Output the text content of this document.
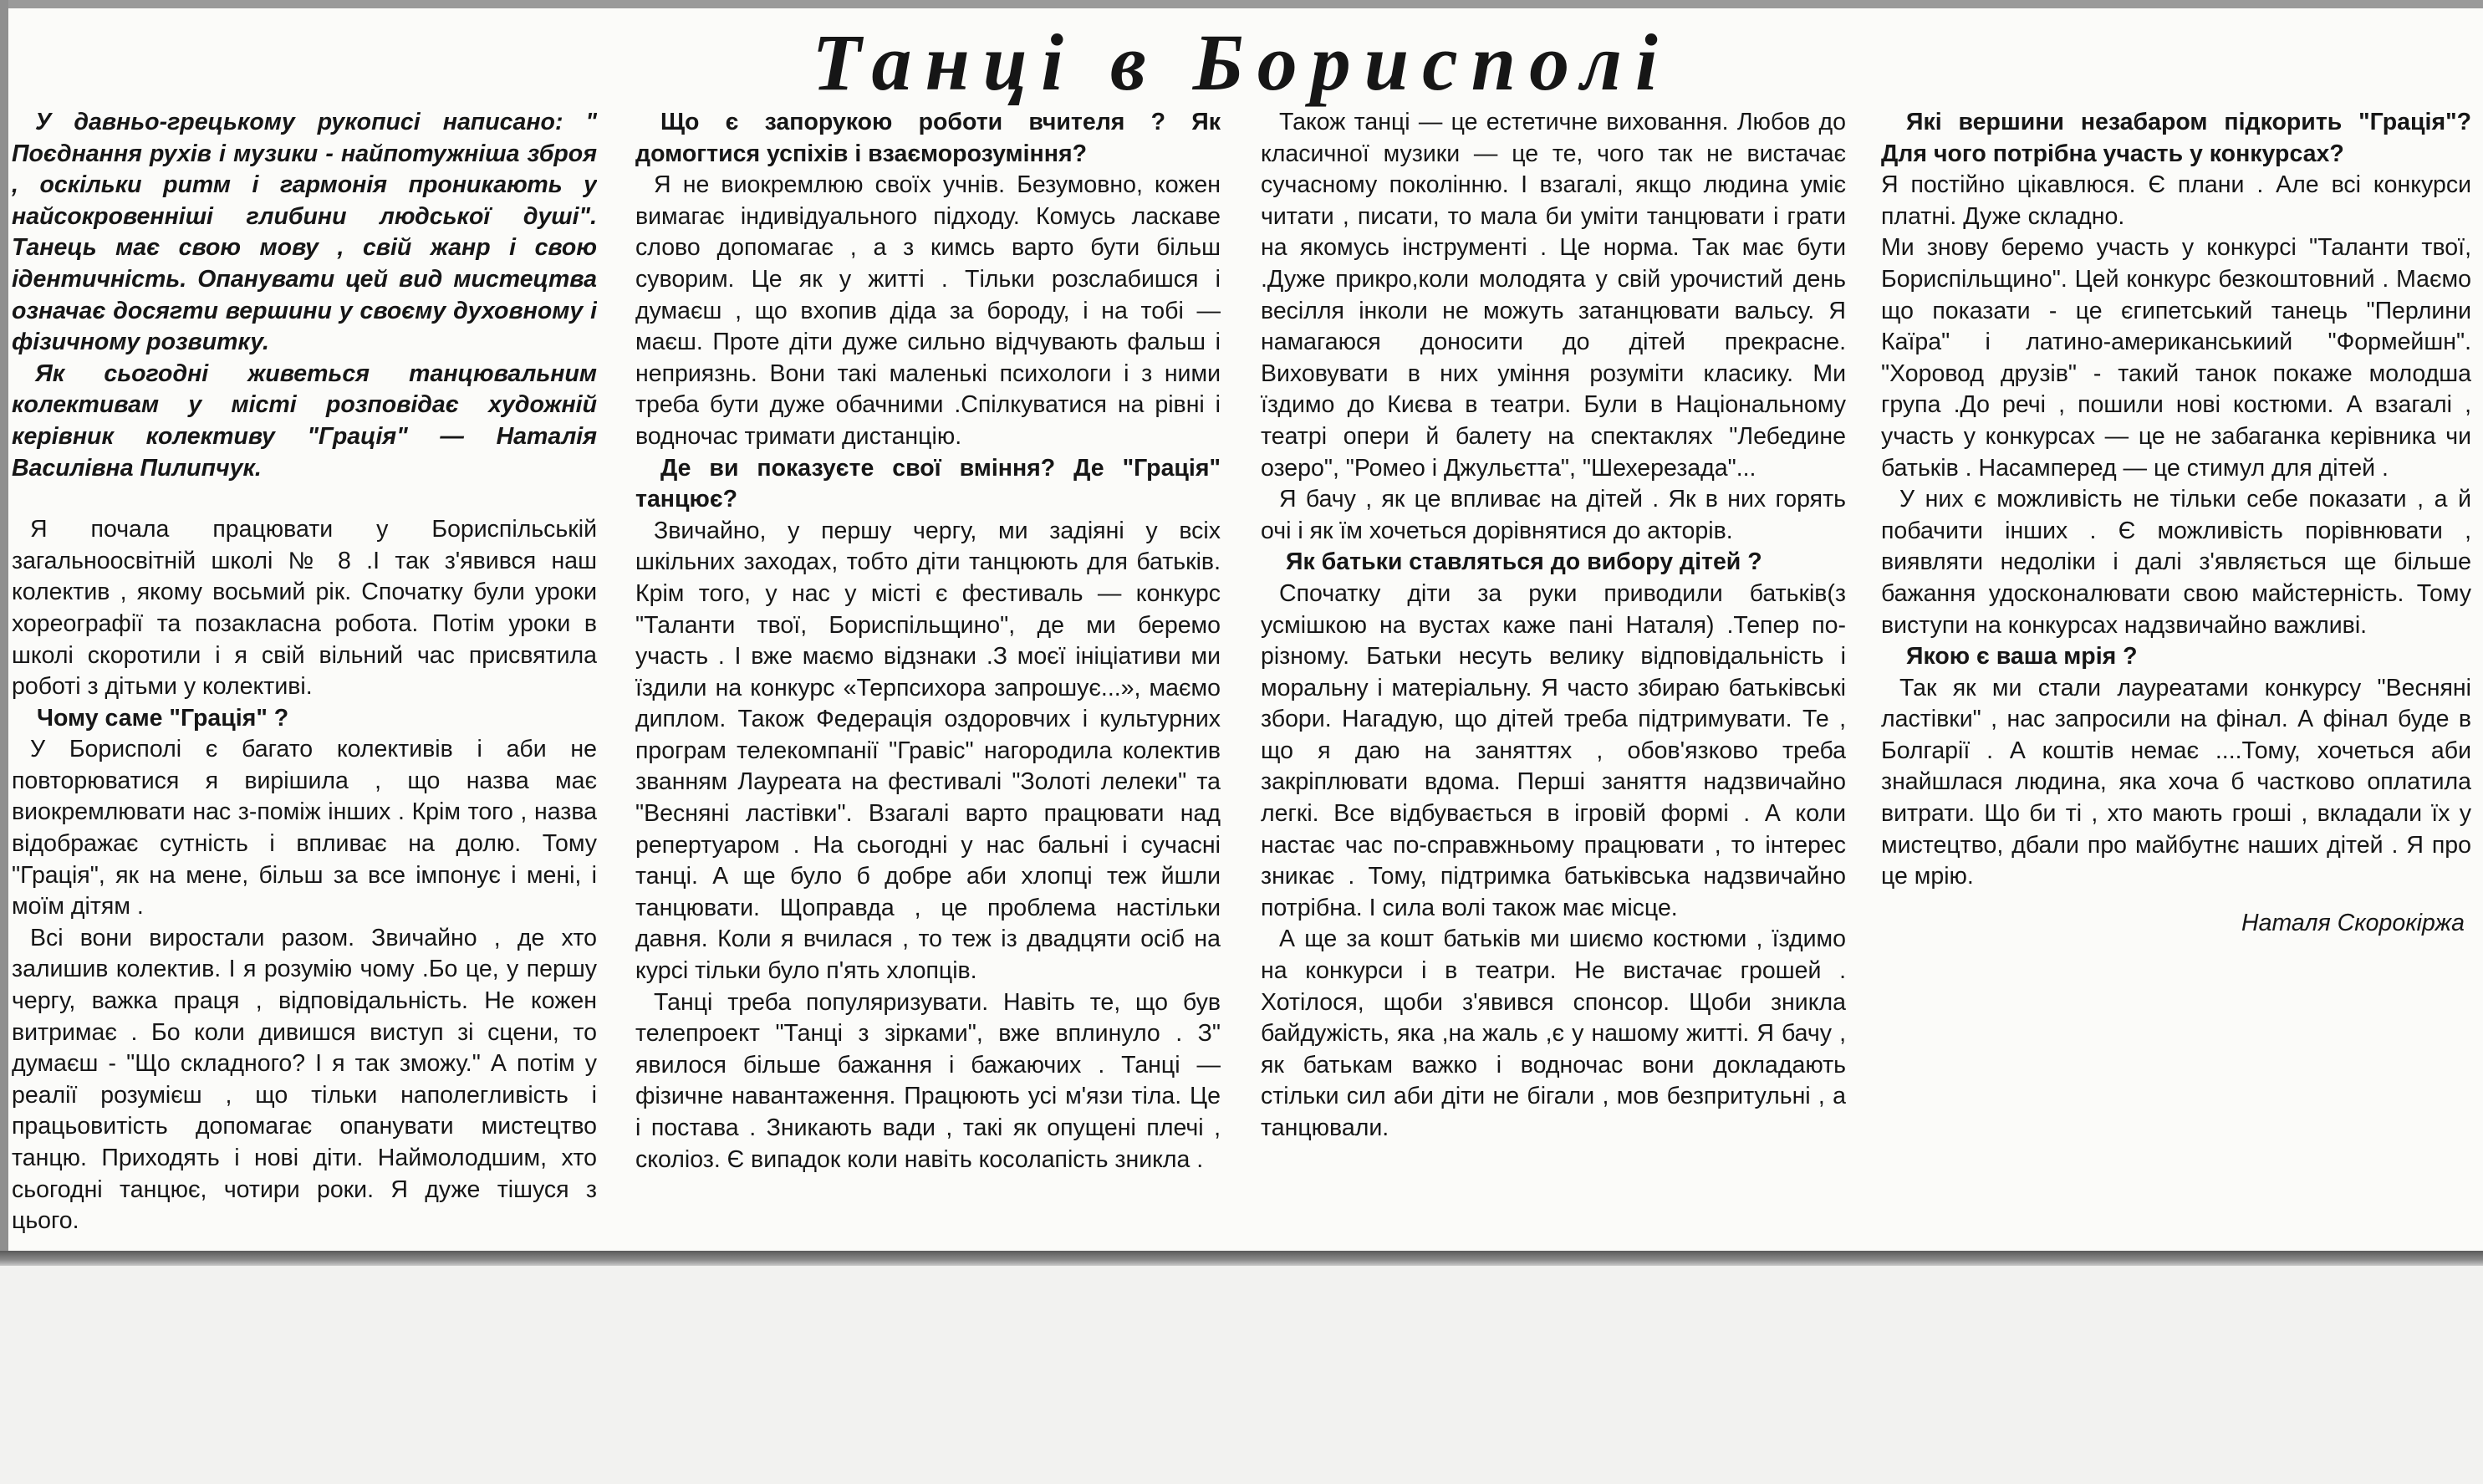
Танці в Борисполі

У давньо-грецькому рукописі написано: " Поєднання рухів і музики - найпотужніша зброя , оскільки ритм і гармонія проникають у найсокровенніші глибини людської душі". Танець має свою мову , свій жанр і свою ідентичність. Опанувати цей вид мистецтва означає досягти вершини у своєму духовному і фізичному розвитку.

Як сьогодні живеться танцювальним колективам у місті розповідає художній керівник колективу "Грація" — Наталія Василівна Пилипчук.

Я почала працювати у Бориспільській загальноосвітній школі № 8 .І так з'явився наш колектив , якому восьмий рік. Спочатку були уроки хореографії та позакласна робота. Потім уроки в школі скоротили і я свій вільний час присвятила роботі з дітьми у колективі.

Чому саме "Грація" ?

У Борисполі є багато колективів і аби не повторюватися я вирішила , що назва має виокремлювати нас з-поміж інших . Крім того , назва відображає сутність і впливає на долю. Тому "Грація", як на мене, більш за все імпонує і мені, і моїм дітям .

Всі вони виростали разом. Звичайно , де хто залишив колектив. І я розумію чому .Бо це, у першу чергу, важка праця , відповідальність. Не кожен витримає . Бо коли дивишся виступ зі сцени, то думаєш - "Що складного? І я так зможу." А потім у реалії розумієш , що тільки наполегливість і працьовитість допомагає опанувати мистецтво танцю. Приходять і нові діти. Наймолодшим, хто сьогодні танцює, чотири роки. Я дуже тішуся з цього.

Що є запорукою роботи вчителя ? Як домогтися успіхів і взаєморозуміння?

Я не виокремлюю своїх учнів. Безумовно, кожен вимагає індивідуального підходу. Комусь ласкаве слово допомагає , а з кимсь варто бути більш суворим. Це як у житті . Тільки розслабишся і думаєш , що вхопив діда за бороду, і на тобі — маєш. Проте діти дуже сильно відчувають фальш і неприязнь. Вони такі маленькі психологи і з ними треба бути дуже обачними .Спілкуватися на рівні і водночас тримати дистанцію.

Де ви показуєте свої вміння? Де "Грація" танцює?

Звичайно, у першу чергу, ми задіяні у всіх шкільних заходах, тобто діти танцюють для батьків. Крім того, у нас у місті є фестиваль — конкурс "Таланти твої, Бориспільщино", де ми беремо участь . І вже маємо відзнаки .З моєї ініціативи ми їздили на конкурс «Терпсихора запрошує...», маємо диплом. Також Федерація оздоровчих і культурних програм телекомпанії "Гравіс" нагородила колектив званням Лауреата на фестивалі "Золоті лелеки" та "Весняні ластівки". Взагалі варто працювати над репертуаром . На сьогодні у нас бальні і сучасні танці. А ще було б добре аби хлопці теж йшли танцювати. Щоправда , це проблема настільки давня. Коли я вчилася , то теж із двадцяти осіб на курсі тільки було п'ять хлопців.

Танці треба популяризувати. Навіть те, що був телепроект "Танці з зірками", вже вплинуло . З" явилося більше бажання і бажаючих . Танці — фізичне навантаження. Працюють усі м'язи тіла. Це і постава . Зникають вади , такі як опущені плечі , сколіоз. Є випадок коли навіть косолапість зникла .

Також танці — це естетичне виховання. Любов до класичної музики — це те, чого так не вистачає сучасному поколінню. І взагалі, якщо людина уміє читати , писати, то мала би уміти танцювати і грати на якомусь інструменті . Це норма. Так має бути .Дуже прикро,коли молодята у свій урочистий день весілля інколи не можуть затанцювати вальсу. Я намагаюся доносити до дітей прекрасне. Виховувати в них уміння розуміти класику. Ми їздимо до Києва в театри. Були в Національному театрі опери й балету на спектаклях "Лебедине озеро", "Ромео і Джульєтта", "Шехерезада"...

Я бачу , як це впливає на дітей . Як в них горять очі і як їм хочеться дорівнятися до акторів.

Як батьки ставляться до вибору дітей ?

Спочатку діти за руки приводили батьків(з усмішкою на вустах каже пані Наталя) .Тепер по-різному. Батьки несуть велику відповідальність і моральну і матеріальну. Я часто збираю батьківські збори. Нагадую, що дітей треба підтримувати. Те , що я даю на заняттях , обов'язково треба закріплювати вдома. Перші заняття надзвичайно легкі. Все відбувається в ігровій формі . А коли настає час по-справжньому працювати , то інтерес зникає . Тому, підтримка батьківська надзвичайно потрібна. І сила волі також має місце.

А ще за кошт батьків ми шиємо костюми , їздимо на конкурси і в театри. Не вистачає грошей . Хотілося, щоби з'явився спонсор. Щоби зникла байдужість, яка ,на жаль ,є у нашому житті. Я бачу , як батькам важко і водночас вони докладають стільки сил аби діти не бігали , мов безпритульні , а танцювали.

Які вершини незабаром підкорить "Грація"? Для чого потрібна участь у конкурсах?

Я постійно цікавлюся. Є плани . Але всі конкурси платні. Дуже складно.

Ми знову беремо участь у конкурсі "Таланти твої, Бориспільщино". Цей конкурс безкоштовний . Маємо що показати - це єгипетський танець "Перлини Каїра" і латино-американськиий "Формейшн". "Хоровод друзів" - такий танок покаже молодша група .До речі , пошили нові костюми. А взагалі , участь у конкурсах — це не забаганка керівника чи батьків . Насамперед — це стимул для дітей .

У них є можливість не тільки себе показати , а й побачити інших . Є можливість порівнювати , виявляти недоліки і далі з'являється ще більше бажання удосконалювати свою майстерність. Тому виступи на конкурсах надзвичайно важливі.

Якою є ваша мрія ?

Так як ми стали лауреатами конкурсу "Весняні ластівки" , нас запросили на фінал. А фінал буде в Болгарії . А коштів немає ....Тому, хочеться аби знайшлася людина, яка хоча б частково оплатила витрати. Що би ті , хто мають гроші , вкладали їх у мистецтво, дбали про майбутнє наших дітей . Я про це мрію.

Наталя Скорокіржа
